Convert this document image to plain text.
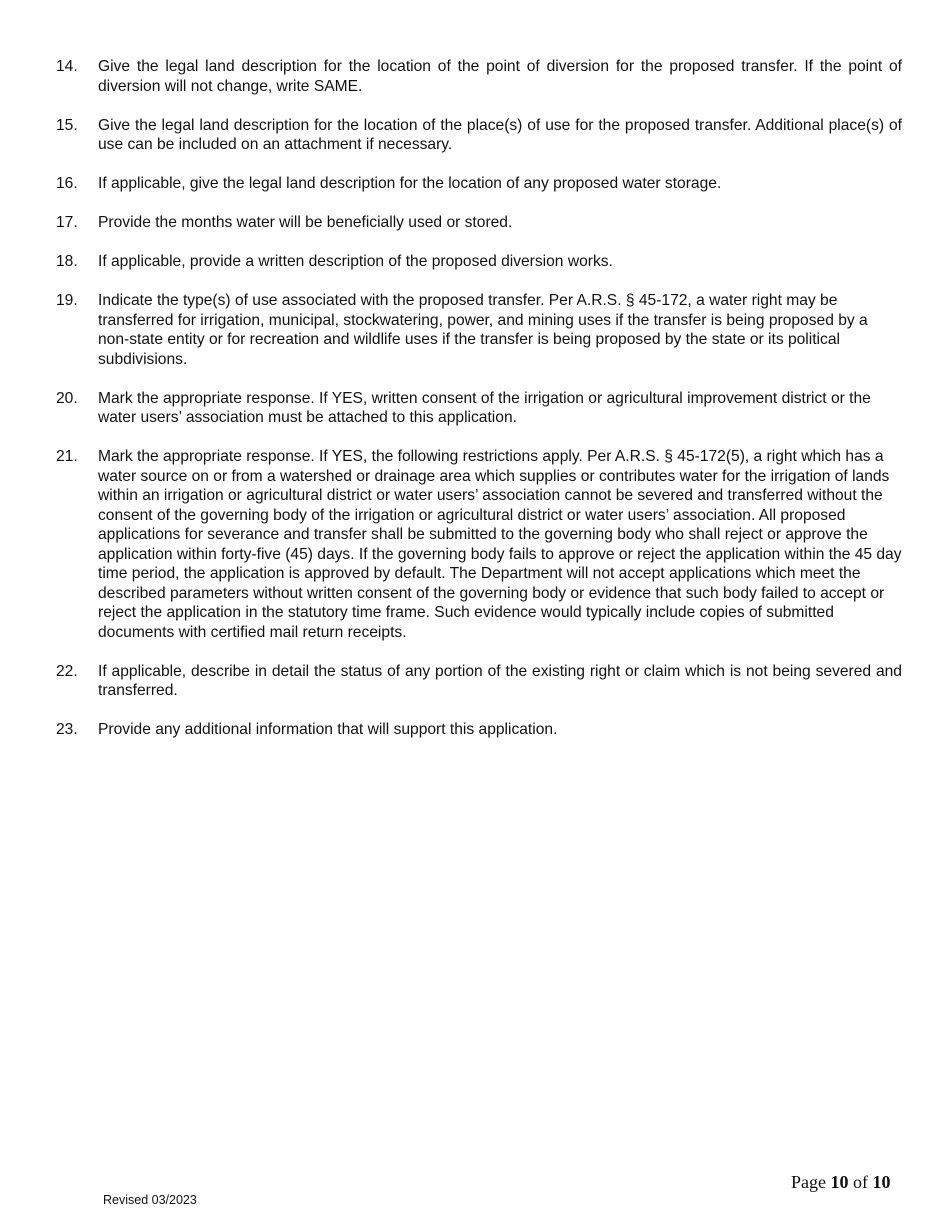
14.	Give the legal land description for the location of the point of diversion for the proposed transfer. If the point of diversion will not change, write SAME.

15.	Give the legal land description for the location of the place(s) of use for the proposed transfer. Additional place(s) of use can be included on an attachment if necessary.

16.	If applicable, give the legal land description for the location of any proposed water storage.

17.	Provide the months water will be beneficially used or stored.

18.	If applicable, provide a written description of the proposed diversion works.

19.	Indicate the type(s) of use associated with the proposed transfer. Per A.R.S. § 45-172, a water right may be transferred for irrigation, municipal, stockwatering, power, and mining uses if the transfer is being proposed by a non-state entity or for recreation and wildlife uses if the transfer is being proposed by the state or its political subdivisions.

20.	Mark the appropriate response. If YES, written consent of the irrigation or agricultural improvement district or the water users’ association must be attached to this application.

21.	Mark the appropriate response. If YES, the following restrictions apply. Per A.R.S. § 45-172(5), a right which has a water source on or from a watershed or drainage area which supplies or contributes water for the irrigation of lands within an irrigation or agricultural district or water users’ association cannot be severed and transferred without the consent of the governing body of the irrigation or agricultural district or water users’ association. All proposed applications for severance and transfer shall be submitted to the governing body who shall reject or approve the application within forty-five (45) days. If the governing body fails to approve or reject the application within the 45 day time period, the application is approved by default. The Department will not accept applications which meet the described parameters without written consent of the governing body or evidence that such body failed to accept or reject the application in the statutory time frame. Such evidence would typically include copies of submitted documents with certified mail return receipts.

22.	If applicable, describe in detail the status of any portion of the existing right or claim which is not being severed and transferred.

23.	Provide any additional information that will support this application.

Page 10 of 10
Revised 03/2023
